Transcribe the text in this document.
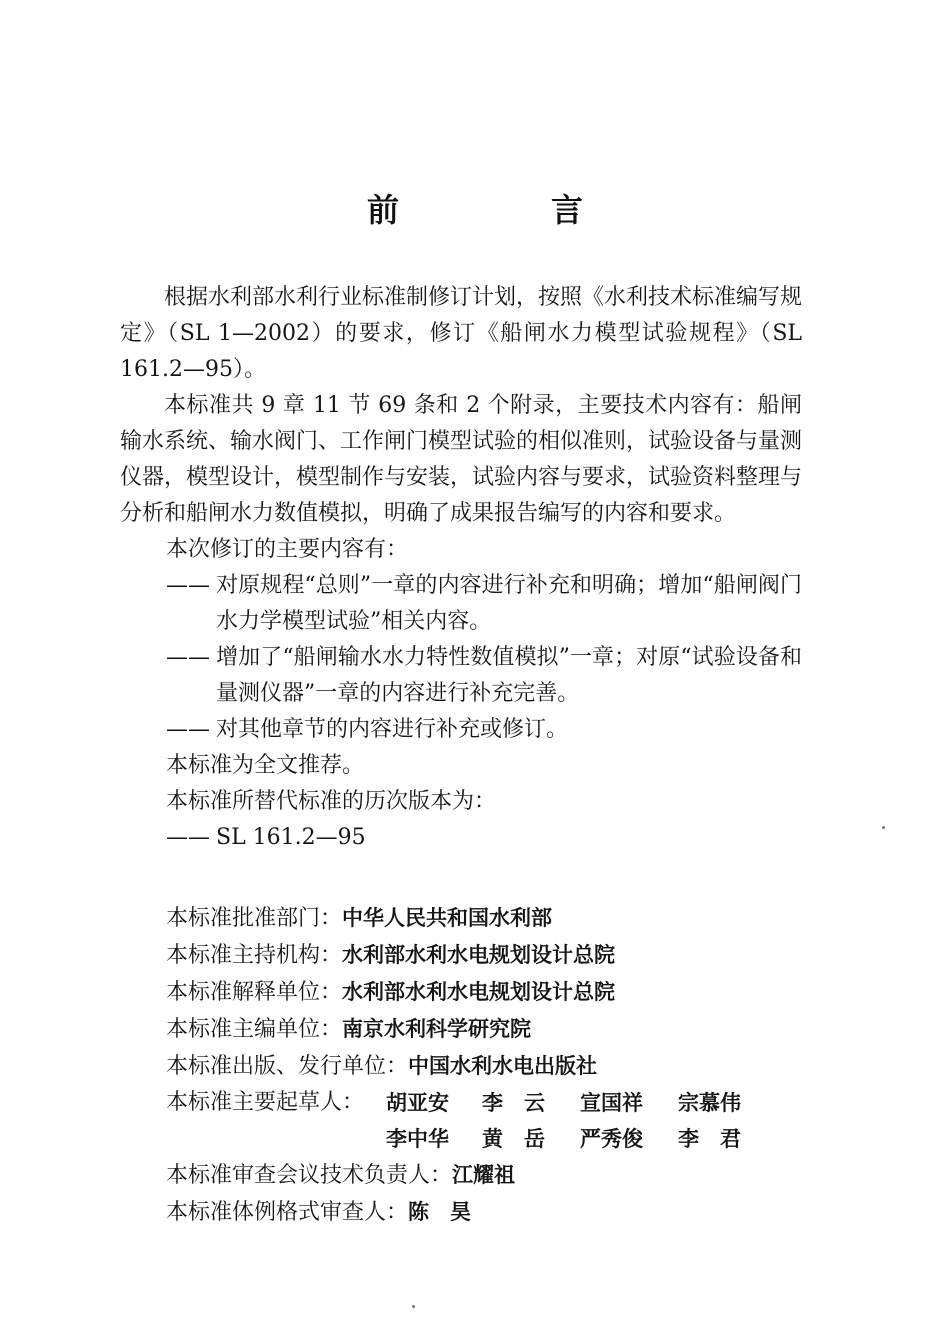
前　言

根据水利部水利行业标准制修订计划，按照《水利技术标准编写规定》（SL 1—2002）的要求，修订《船闸水力模型试验规程》（SL 161.2—95）。

本标准共 9 章 11 节 69 条和 2 个附录，主要技术内容有：船闸输水系统、输水阀门、工作闸门模型试验的相似准则，试验设备与量测仪器，模型设计，模型制作与安装，试验内容与要求，试验资料整理与分析和船闸水力数值模拟，明确了成果报告编写的内容和要求。

本次修订的主要内容有：

—— 对原规程“总则”一章的内容进行补充和明确；增加“船闸阀门水力学模型试验”相关内容。

—— 增加了“船闸输水水力特性数值模拟”一章；对原“试验设备和量测仪器”一章的内容进行补充完善。

—— 对其他章节的内容进行补充或修订。

本标准为全文推荐。

本标准所替代标准的历次版本为：

—— SL 161.2—95

本标准批准部门：中华人民共和国水利部

本标准主持机构：水利部水利水电规划设计总院

本标准解释单位：水利部水利水电规划设计总院

本标准主编单位：南京水利科学研究院

本标准出版、发行单位：中国水利水电出版社

本标准主要起草人： 胡亚安 李　云 宣国祥 宗慕伟
李中华 黄　岳 严秀俊 李　君

本标准审查会议技术负责人：江耀祖

本标准体例格式审查人：陈　昊
